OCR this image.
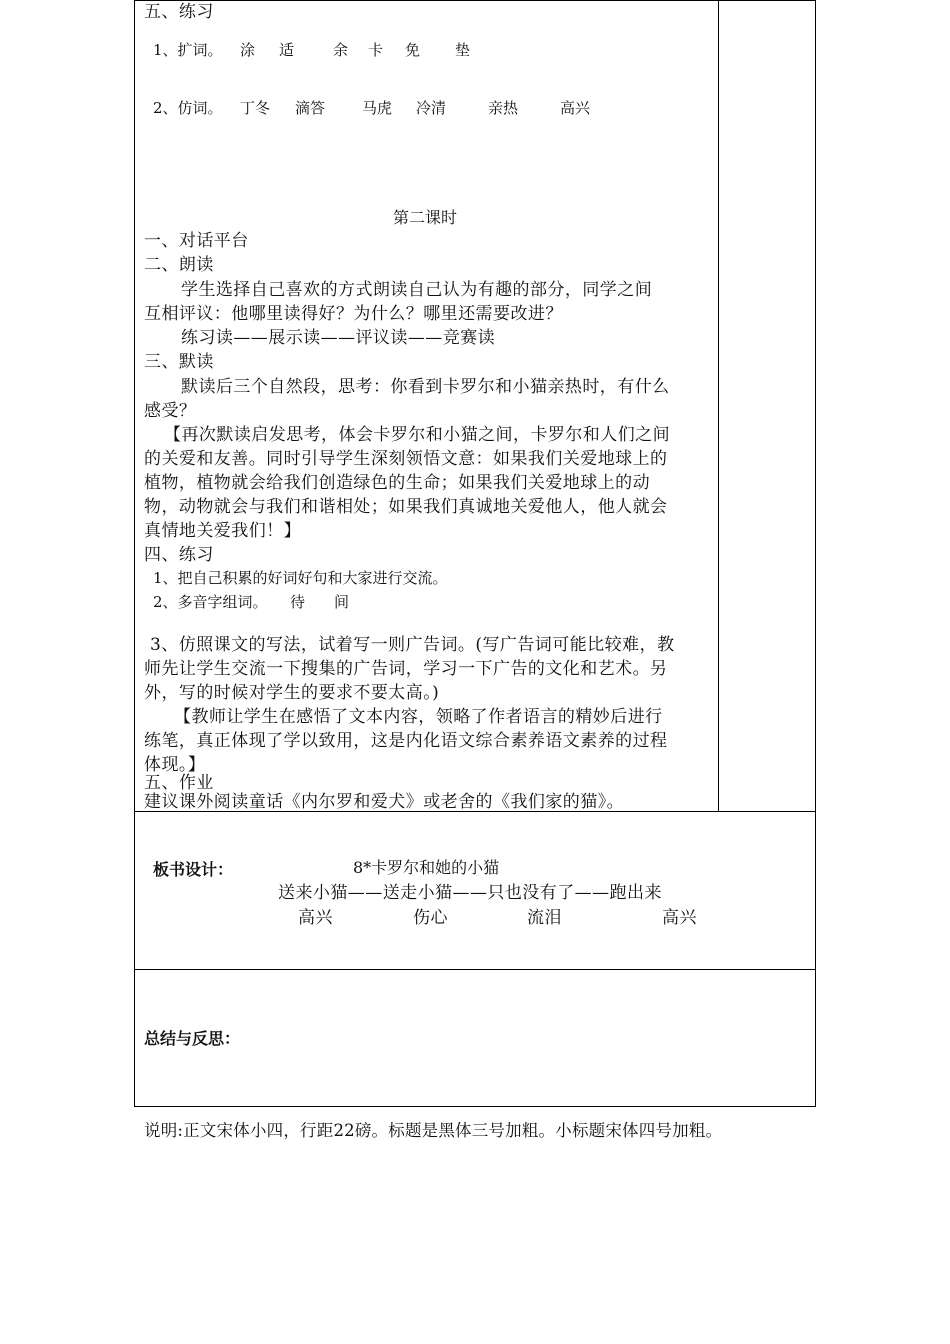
五、练习
1、扩词。 涂 适	余 卡 免 垫
2、仿词。 丁冬 滴答 马虎 冷清	亲热	高兴
第二课时
一、对话平台
二、朗读
学生选择自己喜欢的方式朗读自己认为有趣的部分，同学之间
互相评议：他哪里读得好？为什么？哪里还需要改进？
练习读——展示读——评议读——竞赛读
三、默读
默读后三个自然段，思考：你看到卡罗尔和小猫亲热时，有什么
感受？
【再次默读启发思考，体会卡罗尔和小猫之间，卡罗尔和人们之间
的关爱和友善。同时引导学生深刻领悟文意：如果我们关爱地球上的
植物，植物就会给我们创造绿色的生命；如果我们关爱地球上的动
物，动物就会与我们和谐相处；如果我们真诚地关爱他人，他人就会
真情地关爱我们！】
四、练习
1、把自己积累的好词好句和大家进行交流。
2、多音字组词。 待 间
3、仿照课文的写法，试着写一则广告词。(写广告词可能比较难，教
师先让学生交流一下搜集的广告词，学习一下广告的文化和艺术。另
外，写的时候对学生的要求不要太高。)
【教师让学生在感悟了文本内容，领略了作者语言的精妙后进行
练笔，真正体现了学以致用，这是内化语文综合素养语文素养的过程
体现。】
五、作业
建议课外阅读童话《内尔罗和爱犬》或老舍的《我们家的猫》。
板书设计：	8*卡罗尔和她的小猫
送来小猫——送走小猫——只也没有了——跑出来
高兴	伤心	流泪	高兴
总结与反思：
说明:正文宋体小四，行距22磅。标题是黑体三号加粗。小标题宋体四号加粗。
